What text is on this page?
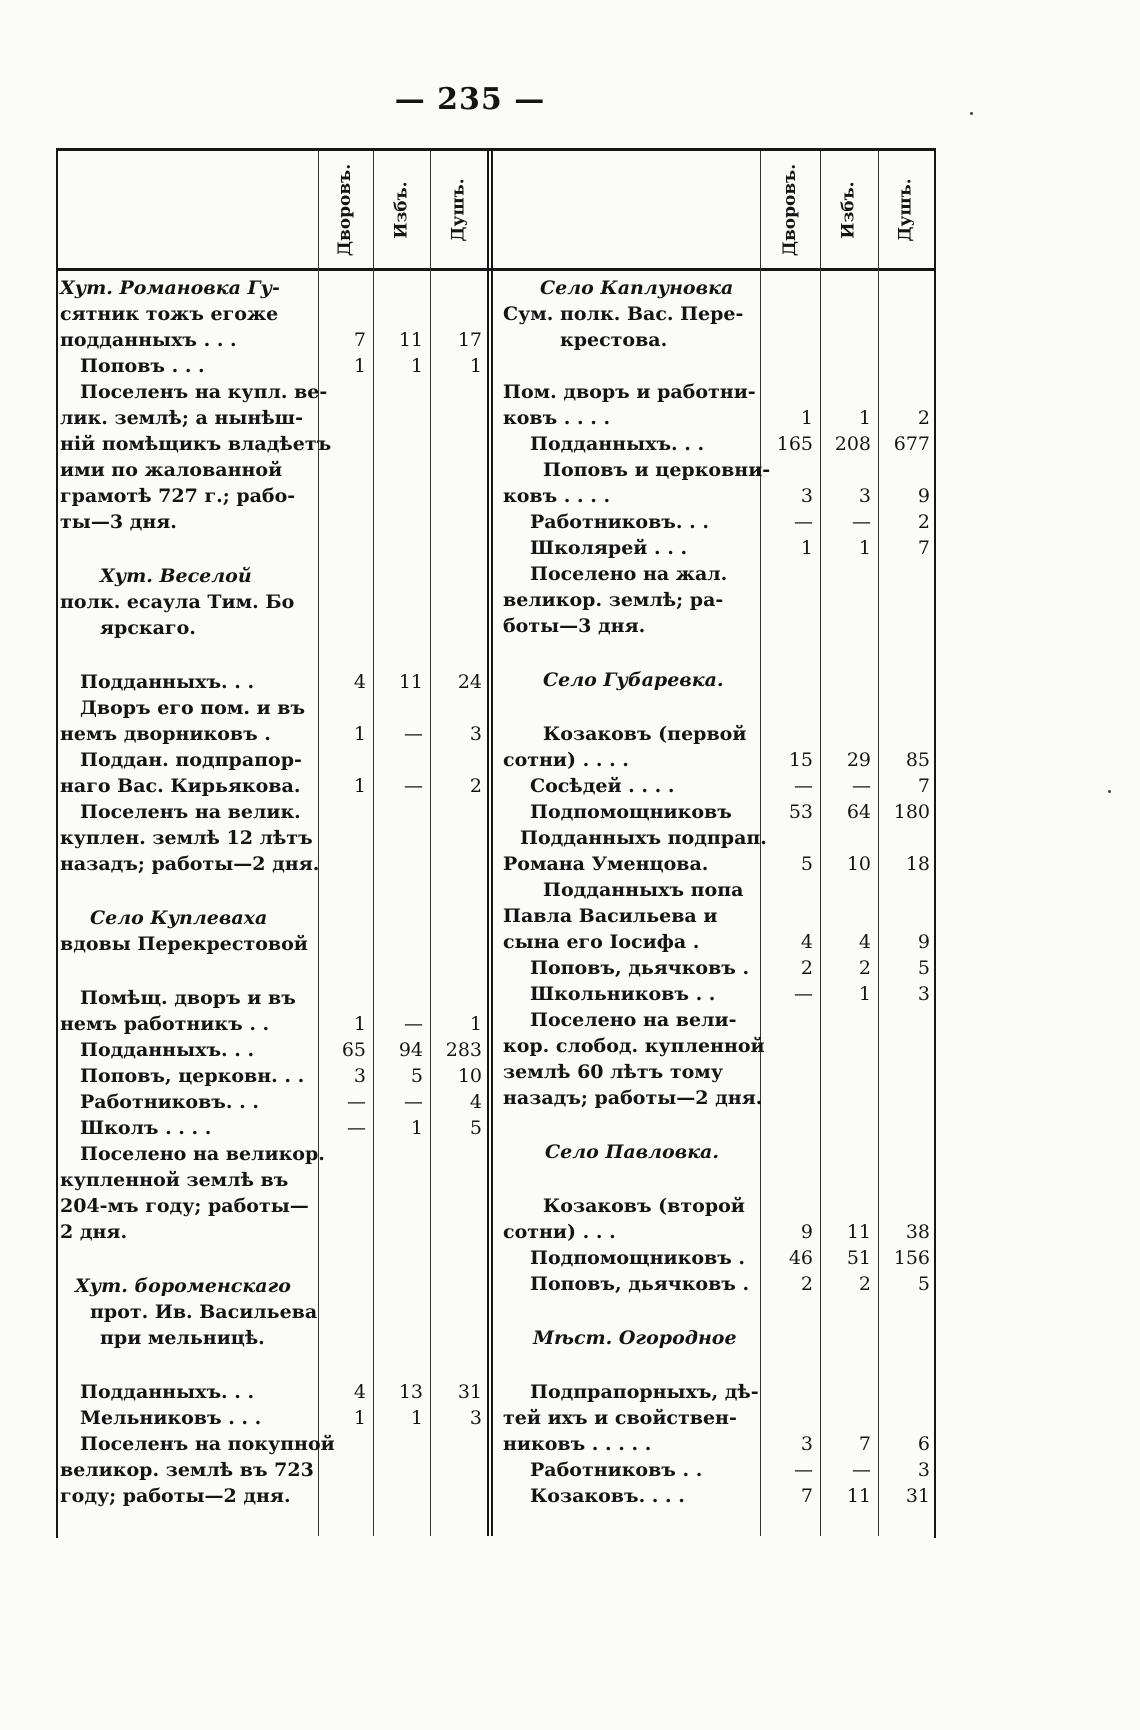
— 235 —
Дворовъ. Избъ. Душъ.	Дворовъ. Избъ. Душъ.
Хут. Романовка Гу-
сятник тожъ егоже
подданныхъ . . .	7	11	17
Поповъ . . .	1	1	1
Поселенъ на купл. ве-
лик. землѣ; а нынѣш-
ній помѣщикъ владѣетъ
ими по жалованной
грамотѣ 727 г.; рабо-
ты—3 дня.
Хут. Веселой
полк. есаула Тим. Бо
ярскаго.
Подданныхъ. . .	4	11	24
Дворъ его пом. и въ
немъ дворниковъ .	1	—	3
Поддан. подпрапор-
наго Вас. Кирьякова.	1	—	2
Поселенъ на велик.
куплен. землѣ 12 лѣтъ
назадъ; работы—2 дня.
Село Куплеваха
вдовы Перекрестовой
Помѣщ. дворъ и въ
немъ работникъ . .	1	—	1
Подданныхъ. . .	65	94	283
Поповъ, церковн. . .	3	5	10
Работниковъ. . .	—	—	4
Школъ . . . .	—	1	5
Поселено на великор.
купленной землѣ въ
204-мъ году; работы—
2 дня.
Хут. бороменскаго
прот. Ив. Васильева
при мельницѣ.
Подданныхъ. . .	4	13	31
Мельниковъ . . .	1	1	3
Поселенъ на покупной
великор. землѣ въ 723
году; работы—2 дня.
Село Каплуновка
Сум. полк. Вас. Пере-
крестова.
Пом. дворъ и работни-
ковъ . . . .	1	1	2
Подданныхъ. . .	165	208	677
Поповъ и церковни-
ковъ . . . .	3	3	9
Работниковъ. . .	—	—	2
Школярей . . .	1	1	7
Поселено на жал.
великор. землѣ; ра-
боты—3 дня.
Село Губаревка.
Козаковъ (первой
сотни) . . . .	15	29	85
Сосѣдей . . . .	—	—	7
Подпомощниковъ	53	64	180
Подданныхъ подпрап.
Романа Уменцова.	5	10	18
Подданныхъ попа
Павла Васильева и
сына его Іосифа .	4	4	9
Поповъ, дьячковъ .	2	2	5
Школьниковъ . .	—	1	3
Поселено на вели-
кор. слобод. купленной
землѣ 60 лѣтъ тому
назадъ; работы—2 дня.
Село Павловка.
Козаковъ (второй
сотни) . . .	9	11	38
Подпомощниковъ .	46	51	156
Поповъ, дьячковъ .	2	2	5
Мѣст. Огородное
Подпрапорныхъ, дѣ-
тей ихъ и свойствен-
никовъ . . . . .	3	7	6
Работниковъ . .	—	—	3
Козаковъ. . . .	7	11	31
